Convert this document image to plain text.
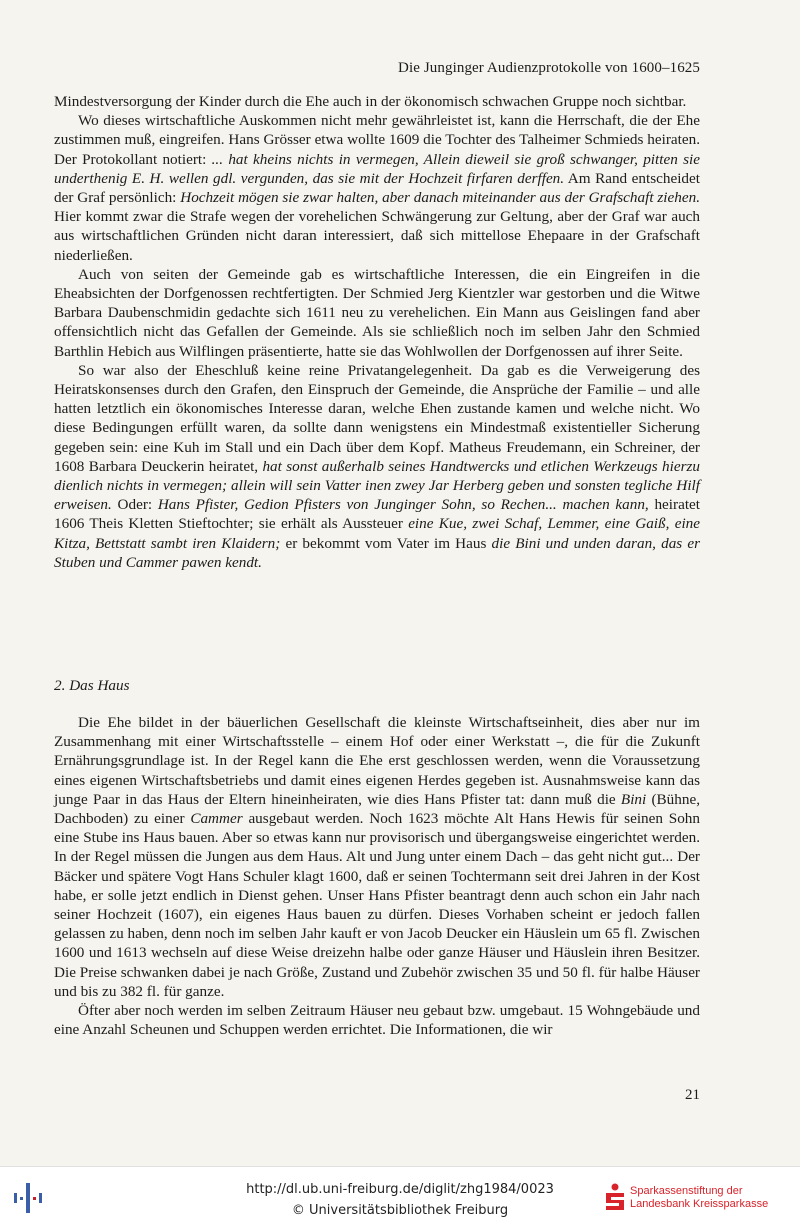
Die Junginger Audienzprotokolle von 1600–1625

Mindestversorgung der Kinder durch die Ehe auch in der ökonomisch schwachen Gruppe noch sichtbar.

Wo dieses wirtschaftliche Auskommen nicht mehr gewährleistet ist, kann die Herrschaft, die der Ehe zustimmen muß, eingreifen. Hans Grösser etwa wollte 1609 die Tochter des Talheimer Schmieds heiraten. Der Protokollant notiert: ... hat kheins nichts in vermegen, Allein dieweil sie groß schwanger, pitten sie underthenig E. H. wellen gdl. vergunden, das sie mit der Hochzeit firfaren derffen. Am Rand entscheidet der Graf persönlich: Hochzeit mögen sie zwar halten, aber danach miteinander aus der Grafschaft ziehen. Hier kommt zwar die Strafe wegen der vorehelichen Schwängerung zur Geltung, aber der Graf war auch aus wirtschaftlichen Gründen nicht daran interessiert, daß sich mittellose Ehepaare in der Grafschaft niederließen.

Auch von seiten der Gemeinde gab es wirtschaftliche Interessen, die ein Eingreifen in die Eheabsichten der Dorfgenossen rechtfertigten. Der Schmied Jerg Kientzler war gestorben und die Witwe Barbara Daubenschmidin gedachte sich 1611 neu zu verehelichen. Ein Mann aus Geislingen fand aber offensichtlich nicht das Gefallen der Gemeinde. Als sie schließlich noch im selben Jahr den Schmied Barthlin Hebich aus Wilflingen präsentierte, hatte sie das Wohlwollen der Dorfgenossen auf ihrer Seite.

So war also der Eheschluß keine reine Privatangelegenheit. Da gab es die Verweigerung des Heiratskonsenses durch den Grafen, den Einspruch der Gemeinde, die Ansprüche der Familie – und alle hatten letztlich ein ökonomisches Interesse daran, welche Ehen zustande kamen und welche nicht. Wo diese Bedingungen erfüllt waren, da sollte dann wenigstens ein Mindestmaß existentieller Sicherung gegeben sein: eine Kuh im Stall und ein Dach über dem Kopf. Matheus Freudemann, ein Schreiner, der 1608 Barbara Deuckerin heiratet, hat sonst außerhalb seines Handtwercks und etlichen Werkzeugs hierzu dienlich nichts in vermegen; allein will sein Vatter inen zwey Jar Herberg geben und sonsten tegliche Hilf erweisen. Oder: Hans Pfister, Gedion Pfisters von Junginger Sohn, so Rechen... machen kann, heiratet 1606 Theis Kletten Stieftochter; sie erhält als Aussteuer eine Kue, zwei Schaf, Lemmer, eine Gaiß, eine Kitza, Bettstatt sambt iren Klaidern; er bekommt vom Vater im Haus die Bini und unden daran, das er Stuben und Cammer pawen kendt.

2. Das Haus

Die Ehe bildet in der bäuerlichen Gesellschaft die kleinste Wirtschaftseinheit, dies aber nur im Zusammenhang mit einer Wirtschaftsstelle – einem Hof oder einer Werkstatt –, die für die Zukunft Ernährungsgrundlage ist. In der Regel kann die Ehe erst geschlossen werden, wenn die Voraussetzung eines eigenen Wirtschaftsbetriebs und damit eines eigenen Herdes gegeben ist. Ausnahmsweise kann das junge Paar in das Haus der Eltern hineinheiraten, wie dies Hans Pfister tat: dann muß die Bini (Bühne, Dachboden) zu einer Cammer ausgebaut werden. Noch 1623 möchte Alt Hans Hewis für seinen Sohn eine Stube ins Haus bauen. Aber so etwas kann nur provisorisch und übergangsweise eingerichtet werden. In der Regel müssen die Jungen aus dem Haus. Alt und Jung unter einem Dach – das geht nicht gut... Der Bäcker und spätere Vogt Hans Schuler klagt 1600, daß er seinen Tochtermann seit drei Jahren in der Kost habe, er solle jetzt endlich in Dienst gehen. Unser Hans Pfister beantragt denn auch schon ein Jahr nach seiner Hochzeit (1607), ein eigenes Haus bauen zu dürfen. Dieses Vorhaben scheint er jedoch fallen gelassen zu haben, denn noch im selben Jahr kauft er von Jacob Deucker ein Häuslein um 65 fl. Zwischen 1600 und 1613 wechseln auf diese Weise dreizehn halbe oder ganze Häuser und Häuslein ihren Besitzer. Die Preise schwanken dabei je nach Größe, Zustand und Zubehör zwischen 35 und 50 fl. für halbe Häuser und bis zu 382 fl. für ganze.

Öfter aber noch werden im selben Zeitraum Häuser neu gebaut bzw. umgebaut. 15 Wohngebäude und eine Anzahl Scheunen und Schuppen werden errichtet. Die Informationen, die wir

21
http://dl.ub.uni-freiburg.de/diglit/zhg1984/0023
© Universitätsbibliothek Freiburg
Sparkassenstiftung der
Landesbank Kreissparkasse
